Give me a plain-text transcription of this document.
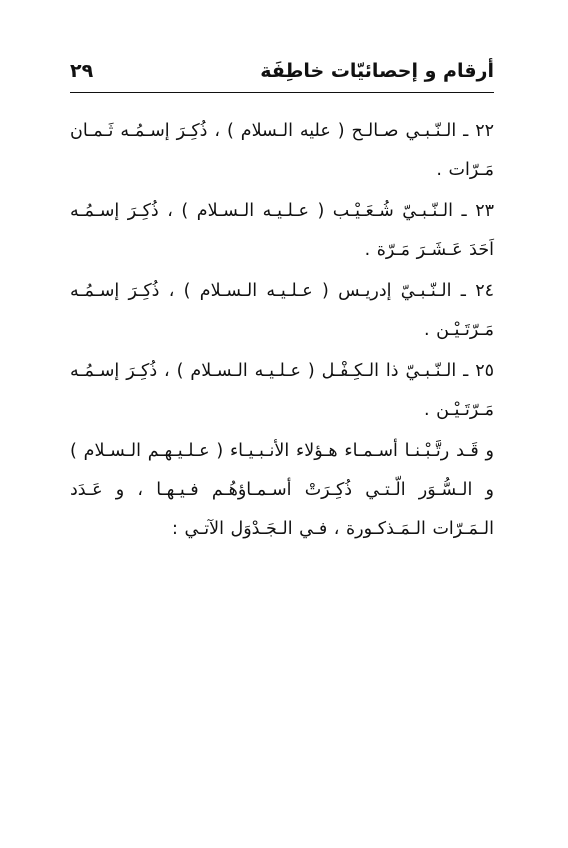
أرقام و إحصائيّات خاطِفَة
٢٩

٢٢ ـ الـنّـبـي صـالـح ( عليه الـسلام ) ، ذُكِـرَ إسـمُـه ثَـمـان مَـرّات .

٢٣ ـ الـنّـبـيّ شُـعَـيْـب ( عـلـيـه الـسـلام ) ، ذُكِـرَ إسـمُـه اَحَدَ عَـشَـرَ مَـرّة .

٢٤ ـ الـنّـبـيّ إدريـس ( عـلـيـه الـسـلام ) ، ذُكِـرَ إسـمُـه مَـرّتَـيْـن .

٢٥ ـ الـنّـبـيّ ذا الـكِـفْـل ( عـلـيـه الـسـلام ) ، ذُكِـرَ إسـمُـه مَـرّتَـيْـن .

و قَـد رتَّـبْـنـا أسـمـاء هـؤلاء الأنـبـيـاء ( عـلـيـهـم الـسـلام ) و الـسُّـوَر الّـتـي ذُكِـرَتْ أسـمـاؤهُـم فـيـهـا ، و عَـدَد الـمَـرّات الـمَـذكـورة ، فـي الـجَـدْوَل الآتـي :
